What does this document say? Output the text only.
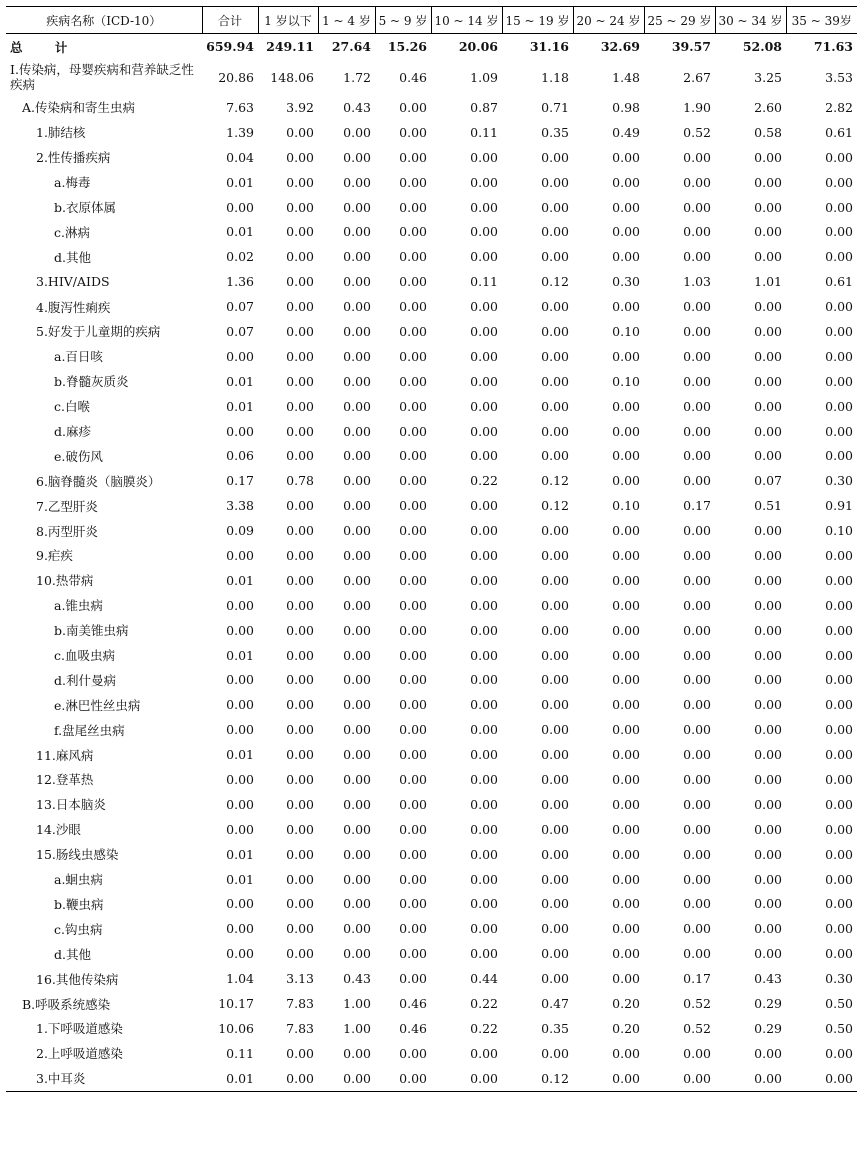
疾病名称（ICD-10）	合计	1 岁以下	1 ~ 4 岁	5 ~ 9 岁	10 ~ 14 岁	15 ~ 19 岁	20 ~ 24 岁	25 ~ 29 岁	30 ~ 34 岁	35 ~ 39岁
总 计	659.94	249.11	27.64	15.26	20.06	31.16	32.69	39.57	52.08	71.63
I.传染病，母婴疾病和营养缺乏性疾病	20.86	148.06	1.72	0.46	1.09	1.18	1.48	2.67	3.25	3.53
A.传染病和寄生虫病	7.63	3.92	0.43	0.00	0.87	0.71	0.98	1.90	2.60	2.82
1.肺结核	1.39	0.00	0.00	0.00	0.11	0.35	0.49	0.52	0.58	0.61
2.性传播疾病	0.04	0.00	0.00	0.00	0.00	0.00	0.00	0.00	0.00	0.00
a.梅毒	0.01	0.00	0.00	0.00	0.00	0.00	0.00	0.00	0.00	0.00
b.衣原体属	0.00	0.00	0.00	0.00	0.00	0.00	0.00	0.00	0.00	0.00
c.淋病	0.01	0.00	0.00	0.00	0.00	0.00	0.00	0.00	0.00	0.00
d.其他	0.02	0.00	0.00	0.00	0.00	0.00	0.00	0.00	0.00	0.00
3.HIV/AIDS	1.36	0.00	0.00	0.00	0.11	0.12	0.30	1.03	1.01	0.61
4.腹泻性痢疾	0.07	0.00	0.00	0.00	0.00	0.00	0.00	0.00	0.00	0.00
5.好发于儿童期的疾病	0.07	0.00	0.00	0.00	0.00	0.00	0.10	0.00	0.00	0.00
a.百日咳	0.00	0.00	0.00	0.00	0.00	0.00	0.00	0.00	0.00	0.00
b.脊髓灰质炎	0.01	0.00	0.00	0.00	0.00	0.00	0.10	0.00	0.00	0.00
c.白喉	0.01	0.00	0.00	0.00	0.00	0.00	0.00	0.00	0.00	0.00
d.麻疹	0.00	0.00	0.00	0.00	0.00	0.00	0.00	0.00	0.00	0.00
e.破伤风	0.06	0.00	0.00	0.00	0.00	0.00	0.00	0.00	0.00	0.00
6.脑脊髓炎（脑膜炎）	0.17	0.78	0.00	0.00	0.22	0.12	0.00	0.00	0.07	0.30
7.乙型肝炎	3.38	0.00	0.00	0.00	0.00	0.12	0.10	0.17	0.51	0.91
8.丙型肝炎	0.09	0.00	0.00	0.00	0.00	0.00	0.00	0.00	0.00	0.10
9.疟疾	0.00	0.00	0.00	0.00	0.00	0.00	0.00	0.00	0.00	0.00
10.热带病	0.01	0.00	0.00	0.00	0.00	0.00	0.00	0.00	0.00	0.00
a.锥虫病	0.00	0.00	0.00	0.00	0.00	0.00	0.00	0.00	0.00	0.00
b.南美锥虫病	0.00	0.00	0.00	0.00	0.00	0.00	0.00	0.00	0.00	0.00
c.血吸虫病	0.01	0.00	0.00	0.00	0.00	0.00	0.00	0.00	0.00	0.00
d.利什曼病	0.00	0.00	0.00	0.00	0.00	0.00	0.00	0.00	0.00	0.00
e.淋巴性丝虫病	0.00	0.00	0.00	0.00	0.00	0.00	0.00	0.00	0.00	0.00
f.盘尾丝虫病	0.00	0.00	0.00	0.00	0.00	0.00	0.00	0.00	0.00	0.00
11.麻风病	0.01	0.00	0.00	0.00	0.00	0.00	0.00	0.00	0.00	0.00
12.登革热	0.00	0.00	0.00	0.00	0.00	0.00	0.00	0.00	0.00	0.00
13.日本脑炎	0.00	0.00	0.00	0.00	0.00	0.00	0.00	0.00	0.00	0.00
14.沙眼	0.00	0.00	0.00	0.00	0.00	0.00	0.00	0.00	0.00	0.00
15.肠线虫感染	0.01	0.00	0.00	0.00	0.00	0.00	0.00	0.00	0.00	0.00
a.蛔虫病	0.01	0.00	0.00	0.00	0.00	0.00	0.00	0.00	0.00	0.00
b.鞭虫病	0.00	0.00	0.00	0.00	0.00	0.00	0.00	0.00	0.00	0.00
c.钩虫病	0.00	0.00	0.00	0.00	0.00	0.00	0.00	0.00	0.00	0.00
d.其他	0.00	0.00	0.00	0.00	0.00	0.00	0.00	0.00	0.00	0.00
16.其他传染病	1.04	3.13	0.43	0.00	0.44	0.00	0.00	0.17	0.43	0.30
B.呼吸系统感染	10.17	7.83	1.00	0.46	0.22	0.47	0.20	0.52	0.29	0.50
1.下呼吸道感染	10.06	7.83	1.00	0.46	0.22	0.35	0.20	0.52	0.29	0.50
2.上呼吸道感染	0.11	0.00	0.00	0.00	0.00	0.00	0.00	0.00	0.00	0.00
3.中耳炎	0.01	0.00	0.00	0.00	0.00	0.12	0.00	0.00	0.00	0.00
